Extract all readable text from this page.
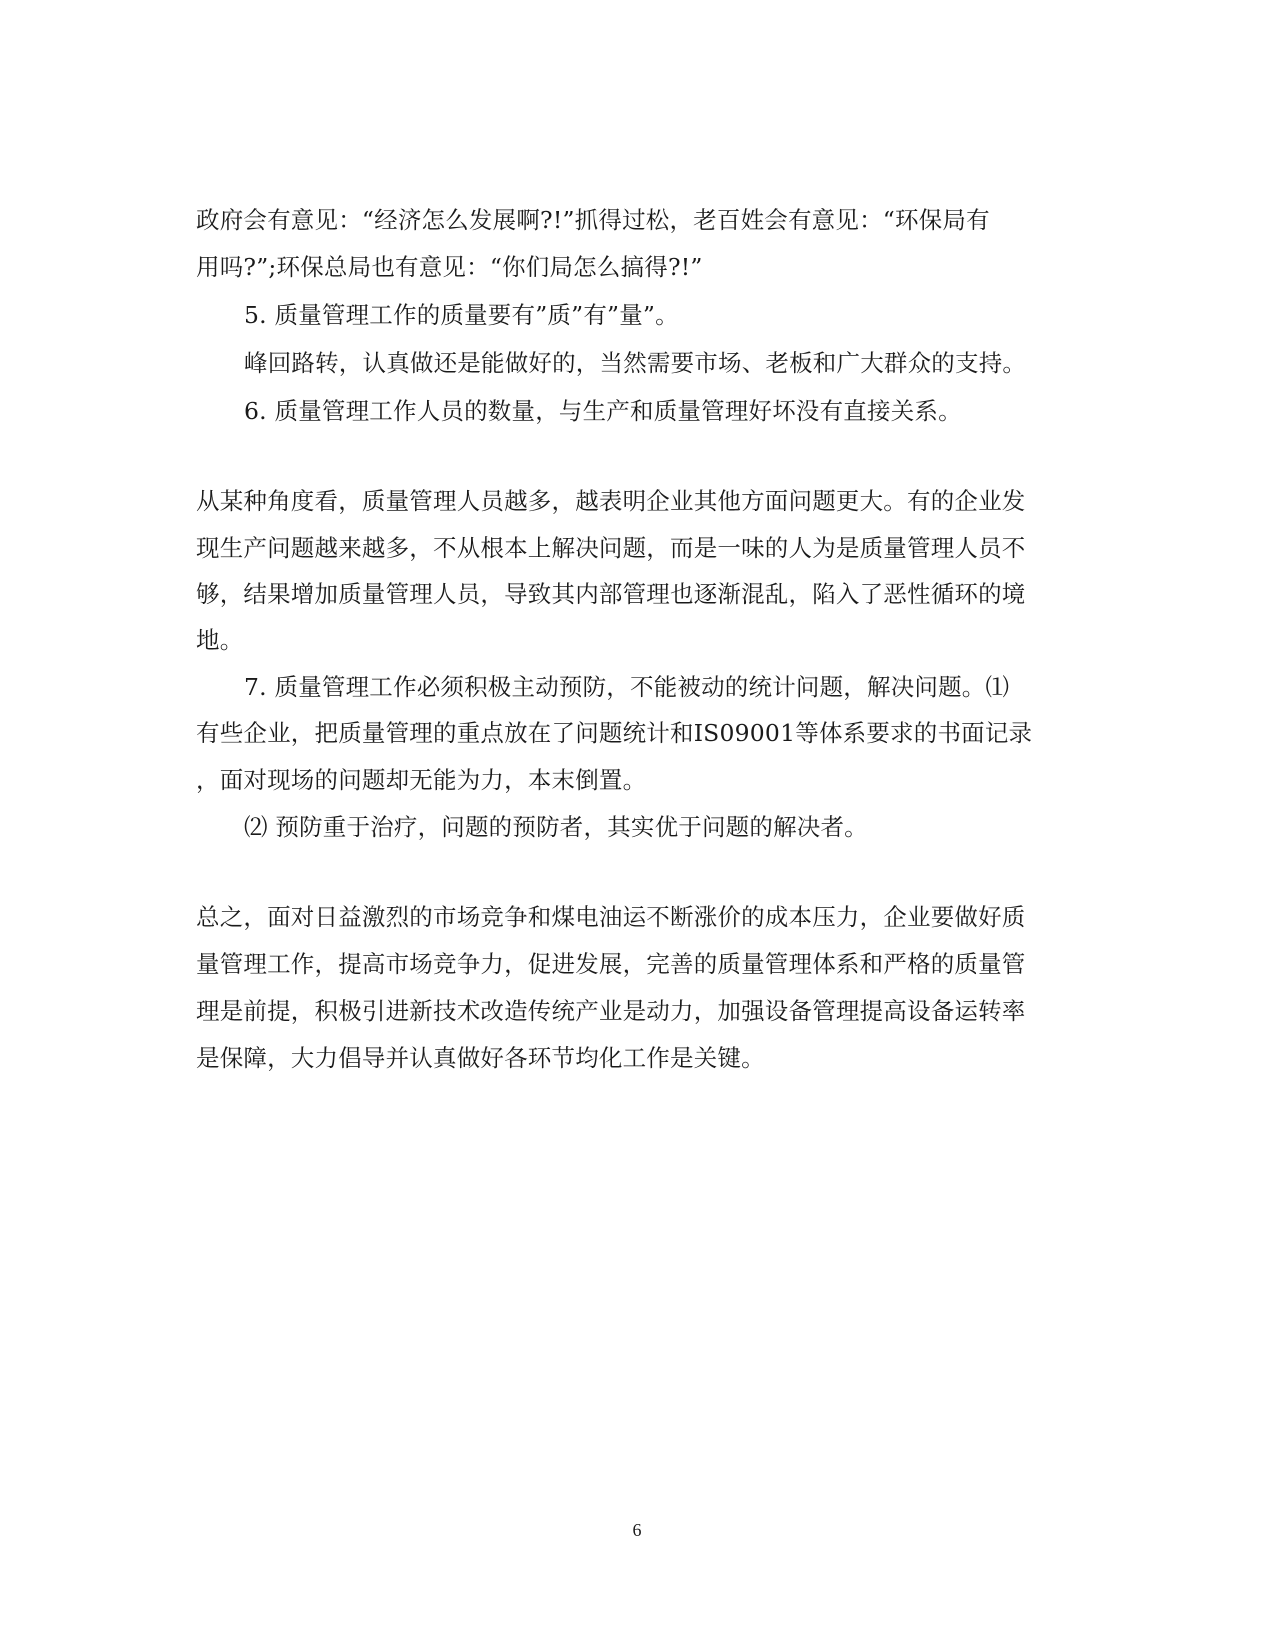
政府会有意见：“经济怎么发展啊?!”抓得过松，老百姓会有意见：“环保局有
用吗?”;环保总局也有意见：“你们局怎么搞得?!”
5. 质量管理工作的质量要有”质”有”量”。
峰回路转，认真做还是能做好的，当然需要市场、老板和广大群众的支持。
6. 质量管理工作人员的数量，与生产和质量管理好坏没有直接关系。
从某种角度看，质量管理人员越多，越表明企业其他方面问题更大。有的企业发
现生产问题越来越多，不从根本上解决问题，而是一味的人为是质量管理人员不
够，结果增加质量管理人员，导致其内部管理也逐渐混乱，陷入了恶性循环的境
地。
7. 质量管理工作必须积极主动预防，不能被动的统计问题，解决问题。⑴
有些企业，把质量管理的重点放在了问题统计和IS09001等体系要求的书面记录
，面对现场的问题却无能为力，本末倒置。
⑵ 预防重于治疗，问题的预防者，其实优于问题的解决者。
总之，面对日益激烈的市场竞争和煤电油运不断涨价的成本压力，企业要做好质
量管理工作，提高市场竞争力，促进发展，完善的质量管理体系和严格的质量管
理是前提，积极引进新技术改造传统产业是动力，加强设备管理提高设备运转率
是保障，大力倡导并认真做好各环节均化工作是关键。
6
